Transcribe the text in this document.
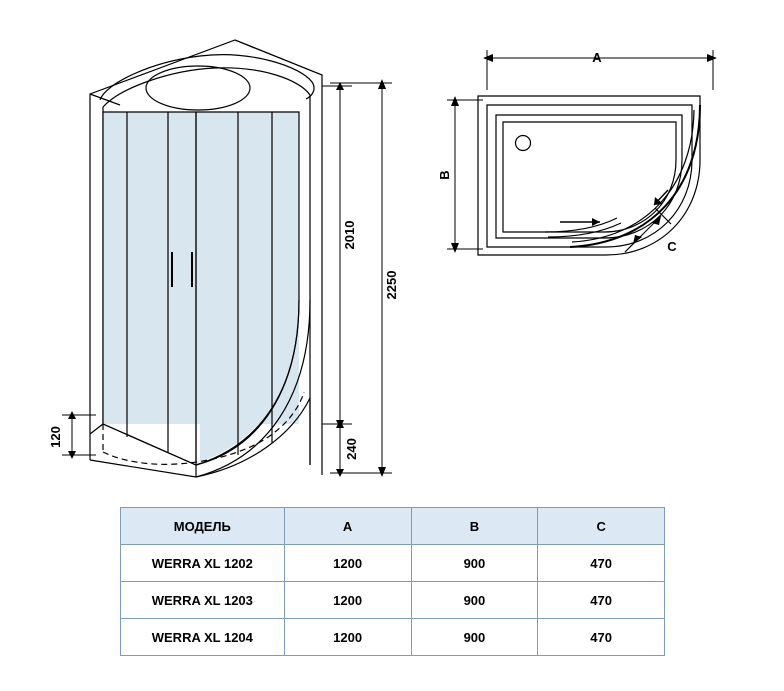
2010
2250
120
240
A
B
C
МОДЕЛЬ	A	B	C
WERRA XL 1202	1200	900	470
WERRA XL 1203	1200	900	470
WERRA XL 1204	1200	900	470
